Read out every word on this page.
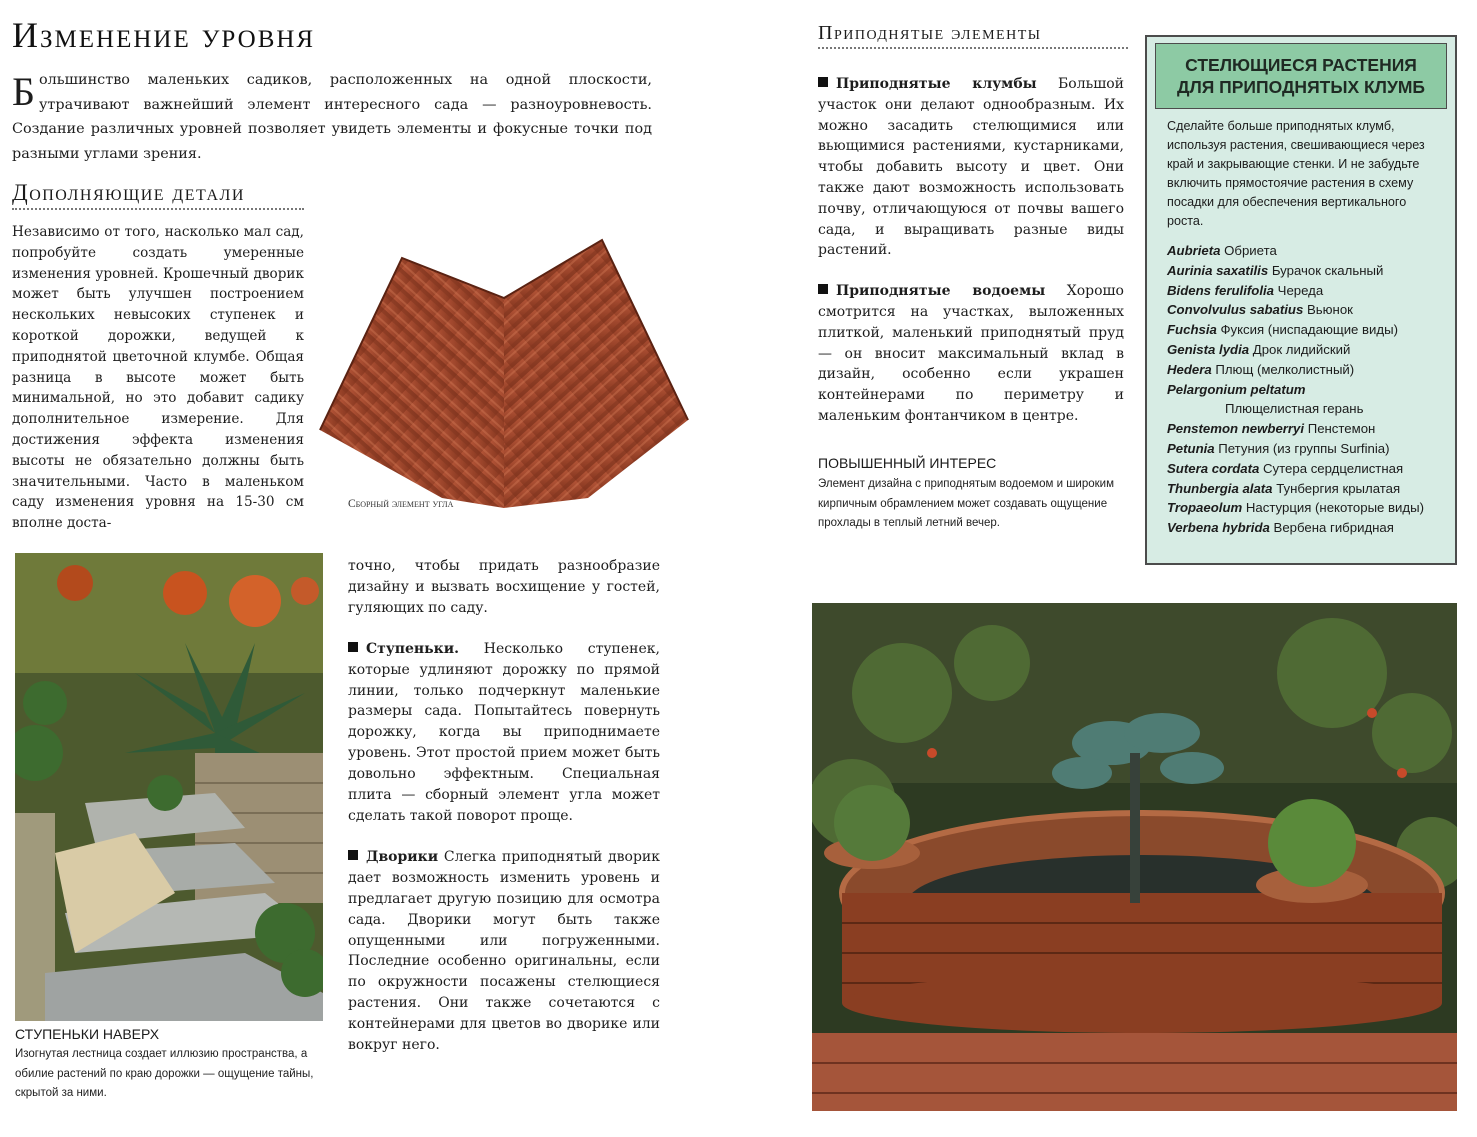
Изменение уровня
Большинство маленьких садиков, расположенных на одной плоскости, утрачивают важнейший элемент интересного сада — разноуровневость. Создание различных уровней позволяет увидеть элементы и фокусные точки под разными углами зрения.
Дополняющие детали
Независимо от того, насколько мал сад, попробуйте создать умеренные изменения уровней. Крошечный дворик может быть улучшен построением нескольких невысоких ступенек и короткой дорожки, ведущей к приподнятой цветочной клумбе. Общая разница в высоте может быть минимальной, но это добавит садику дополнительное измерение. Для достижения эффекта изменения высоты не обязательно должны быть значительными. Часто в маленьком саду изменения уровня на 15-30 см вполне доста-
Сборный элемент угла
СТУПЕНЬКИ НАВЕРХ
Изогнутая лестница создает иллюзию пространства, а обилие растений по краю дорожки — ощущение тайны, скрытой за ними.

точно, чтобы придать разнообразие дизайну и вызвать восхищение у гостей, гуляющих по саду.

Ступеньки. Несколько ступенек, которые удлиняют дорожку по прямой линии, только подчеркнут маленькие размеры сада. Попытайтесь повернуть дорожку, когда вы приподнимаете уровень. Этот простой прием может быть довольно эффектным. Специальная плита — сборный элемент угла может сделать такой поворот проще.

Дворики Слегка приподнятый дворик дает возможность изменить уровень и предлагает другую позицию для осмотра сада. Дворики могут быть также опущенными или погруженными. Последние особенно оригинальны, если по окружности посажены стелющиеся растения. Они также сочетаются с контейнерами для цветов во дворике или вокруг него.

Приподнятые элементы

Приподнятые клумбы Большой участок они делают однообразным. Их можно засадить стелющимися или вьющимися растениями, кустарниками, чтобы добавить высоту и цвет. Они также дают возможность использовать почву, отличающуюся от почвы вашего сада, и выращивать разные виды растений.

Приподнятые водоемы Хорошо смотрится на участках, выложенных плиткой, маленький приподнятый пруд — он вносит максимальный вклад в дизайн, особенно если украшен контейнерами по периметру и маленьким фонтанчиком в центре.

ПОВЫШЕННЫЙ ИНТЕРЕС
Элемент дизайна с приподнятым водоемом и широким кирпичным обрамлением может создавать ощущение прохлады в теплый летний вечер.
СТЕЛЮЩИЕСЯ РАСТЕНИЯ
ДЛЯ ПРИПОДНЯТЫХ КЛУМБ
Сделайте больше приподнятых клумб, используя растения, свешивающиеся через край и закрывающие стенки. И не забудьте включить прямостоячие растения в схему посадки для обеспечения вертикального роста.
Aubrieta Обриета
Aurinia saxatilis Бурачок скальный
Bidens ferulifolia Череда
Convolvulus sabatius Вьюнок
Fuchsia Фуксия (ниспадающие виды)
Genista lydia Дрок лидийский
Hedera Плющ (мелколистный)
Pelargonium peltatum
Плющелистная герань
Penstemon newberryi Пенстемон
Petunia Петуния (из группы Surfinia)
Sutera cordata Сутера сердцелистная
Thunbergia alata Тунбергия крылатая
Tropaeolum Настурция (некоторые виды)
Verbena hybrida Вербена гибридная
